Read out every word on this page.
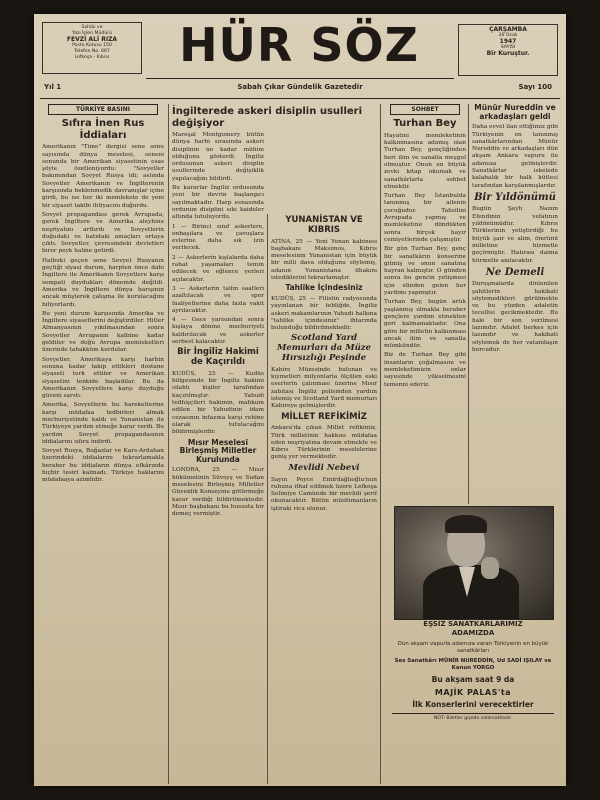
Sahibi ve
Yazı İşleri Müdürü
FEVZİ ALİ RIZA
Posta Kutusu 150
Telefon No. 667
Lefkoşa - Kıbrıs	HÜR SÖZ	ÇARŞAMBA
26 Ocak
1947
SAYISI
Bir Kuruştur.
Yıl 1	Sabah Çıkar Gündelik Gazetedir	Sayı 100
TÜRKİYE BASINI
Sıfıra İnen Rus İddiaları

Amerikanın "Time" dergisi sene sonu sayısında dünya meselesi, seneni sonunda bir Amerikan siyasetinin esas şöyle özetleniyordu: "Sovyetler bakımından Sovyet Rusya idi; aslında Sovyetler Amerikanın ve İngilterenin karşısında beklenmedik davranışlar içine girdi, bu ise her iki memlekete de yeni bir siyaset takibi ihtiyacını doğurdu.

Sovyet propagandası gerek Avrupada, gerek İngiltere ve Amerika aleyhine neşriyatını arttırdı ve Sovyetlerin doğudaki ve batıdaki amaçları ortaya çıktı. Sovyetler, çevresindeki devletleri birer peyk haline getirdi.

Halbuki geçen sene Sovyet Rusyanın geçtiği siyasi durum, harpten önce dahi İngiltere ile Amerikanın Sovyetlere karşı sempati duydukları dönemde değildi. Amerika ve İngiltere dünya barışının ancak müşterek çalışma ile kurulacağını biliyorlardı.

Bu yeni durum karşısında Amerika ve İngiltere siyasetlerini değiştirdiler. Hitler Almanyasının yıkılmasından sonra Sovyetler Avrupanın kalbine kadar geldiler ve doğu Avrupa memleketleri üzerinde tahakküm kurdular.

Sovyetler, Amerikaya karşı harbin sonuna kadar takip ettikleri dostane siyaseti terk ettiler ve Amerikan siyasetini tenkide başladılar. Bu da Amerikanın Sovyetlere karşı duyduğu güveni sarstı.

Amerika, Sovyetlerin bu hareketlerine karşı müdafaa tedbirleri almak mecburiyetinde kaldı ve Yunanistan ile Türkiyeye yardım etmeğe karar verdi. Bu yardım Sovyet propagandasının iddialarını sıfıra indirdi.

Sovyet Rusya, Boğazlar ve Kars-Ardahan üzerindeki iddialarını tekrarlamakla beraber bu iddiaların dünya efkârında hiçbir tesiri kalmadı. Türkiye haklarını müdafaaya azimlidir.

İngilterede askeri disiplin usulleri değişiyor

Mareşal Montgomery bütün dünya harbi sırasında askeri disiplinin ne kadar mühim olduğunu gösterdi. İngiliz ordusunun askeri disiplin usullerinde değişiklik yapılacağını bildirdi.

Bu kararlar İngiliz ordusunda yeni bir devrin başlangıcı sayılmaktadır. Harp esnasında ordunun disiplini sıkı kaideler altında tutuluyordu.

1 — Birinci sınıf askerlere, onbaşılara ve çavuşlara evlerine daha sık izin verilecek.

2 — Askerlerin kışlalarda daha rahat yaşamaları temin edilecek ve eğlence yerleri açılacaktır.

3 — Askerlerin talim saatleri azaltılacak ve spor faaliyetlerine daha fazla vakit ayrılacaktır.

4 — Gece yarısından sonra kışlaya dönme mecburiyeti kaldırılacak ve askerler serbest kalacaktır.

Bir İngiliz Hakimi de Kaçırıldı

KUDÜS, 25 — Kudüs bölgesinde bir İngiliz hakimi silahlı kişiler tarafından kaçırılmıştır. Yahudi tedhişçileri hakimin, mahkum edilen bir Yahudinin idam cezasının infazına karşı rehine olarak tutulacağını bildirmişlerdir.

Mısır Meselesi Birleşmiş Milletler Kurulunda

LONDRA, 25 — Mısır hükümetinin Süveyş ve Sudan meselesini Birleşmiş Milletler Güvenlik Konseyine götürmeğe karar verdiği bildirilmektedir. Mısır başbakanı bu hususta bir demeç vermiştir.

YUNANİSTAN VE KIBRIS

ATİNA, 25 — Yeni Yunan kabinesi başbakanı Maksimos, Kıbrıs meselesinin Yunanistan için büyük bir milli dava olduğunu söylemiş, adanın Yunanistana ilhakını istediklerini tekrarlamıştır.

Tahlike İçindesiniz

KUDÜS, 25 — Filistin radyosunda yayınlanan bir tebliğde, İngiliz askeri makamlarının Yahudi halkına "tahlike içindesiniz" ihtarında bulunduğu bildirilmektedir.

Scotland Yard Memurları da Müze Hırsızlığı Peşinde

Kahire Müzesinde bulunan ve kıymetleri milyonlarla ölçülen eski eserlerin çalınması üzerine Mısır zabıtası İngiliz polisinden yardım istemiş ve Scotland Yard memurları Kahireye gelmişlerdir.

MİLLET REFİKİMİZ

Ankara'da çıkan Millet refikimiz, Türk milletinin hakkını müdafaa eden neşriyatına devam etmekte ve Kıbrıs Türklerinin meselelerine geniş yer vermektedir.

Mevlidi Nebevi

Sayın Peyce Emirdağlıoğlu'nun ruhuna ithaf edilmek üzere Lefkoşa Selimiye Camiinde bir mevlidi şerif okunacaktır. Bütün müslümanların iştiraki rica olunur.

SOHBET
Turhan Bey

Hayatını memleketinin kalkınmasına adamış olan Turhan Bey, gençliğinden beri ilim ve sanatla meşgul olmuştur. Onun en büyük zevki kitap okumak ve sanatkârlarla sohbet etmektir.

Turhan Bey İstanbulda tanınmış bir ailenin çocuğudur. Tahsilini Avrupada yapmış ve memleketine döndükten sonra birçok hayır cemiyetlerinde çalışmıştır.

Bir gün Turhan Bey, genç bir sanatkârın konserine gitmiş ve onun sanatına hayran kalmıştır. O günden sonra bu gencin yetişmesi için elinden gelen her yardımı yapmıştır.

Turhan Bey, bugün artık yaşlanmış olmakla beraber gençlere yardım etmekten geri kalmamaktadır. Ona göre bir milletin kalkınması ancak ilim ve sanatla mümkündür.

Biz de Turhan Bey gibi insanların çoğalmasını ve memleketimizin onlar sayesinde yükselmesini temenni ederiz.

Münür Nureddin ve arkadaşları geldi

Daha evvel ilan ettiğimiz gibi Türkiyenin en tanınmış sanatkârlarından Münür Nureddin ve arkadaşları dün akşam Ankara vapuru ile adamıza gelmişlerdir. Sanatkârlar iskelede kalabalık bir halk kütlesi tarafından karşılanmışlardır.

Bir Yıldönümü

Bugün Şeyh Nazım Efendinin vefatının yıldönümüdür. Kıbrıs Türklerinin yetiştirdiği bu büyük şair ve alim, ömrünü milletine hizmetle geçirmiştir. Hatırası daima hürmetle anılacaktır.

Ne Demeli

Duruşmalarda dinlenilen şahitlerin hakikati söylemedikleri görülmekte ve bu yüzden adaletin tecellisi gecikmektedir. Bu hale bir son verilmesi lazımdır. Adalet herkes için lazımdır ve hakikati söylemek de her vatandaşın borcudur.

EŞSİZ SANATKÂRLARIMIZ
ADAMIZDA
Dün akşam vapurla adamıza varan Türkiyenin en büyük sanatkârları
Ses Sanatkârı MÜNİR NUREDDİN, Ud SADİ IŞILAY ve Kanun YORGO
Bu akşam saat 9 da
MAJİK PALAS'ta
İlk Konserlerini verecektirler
NOT: Biletler gişede satılmaktadır.
